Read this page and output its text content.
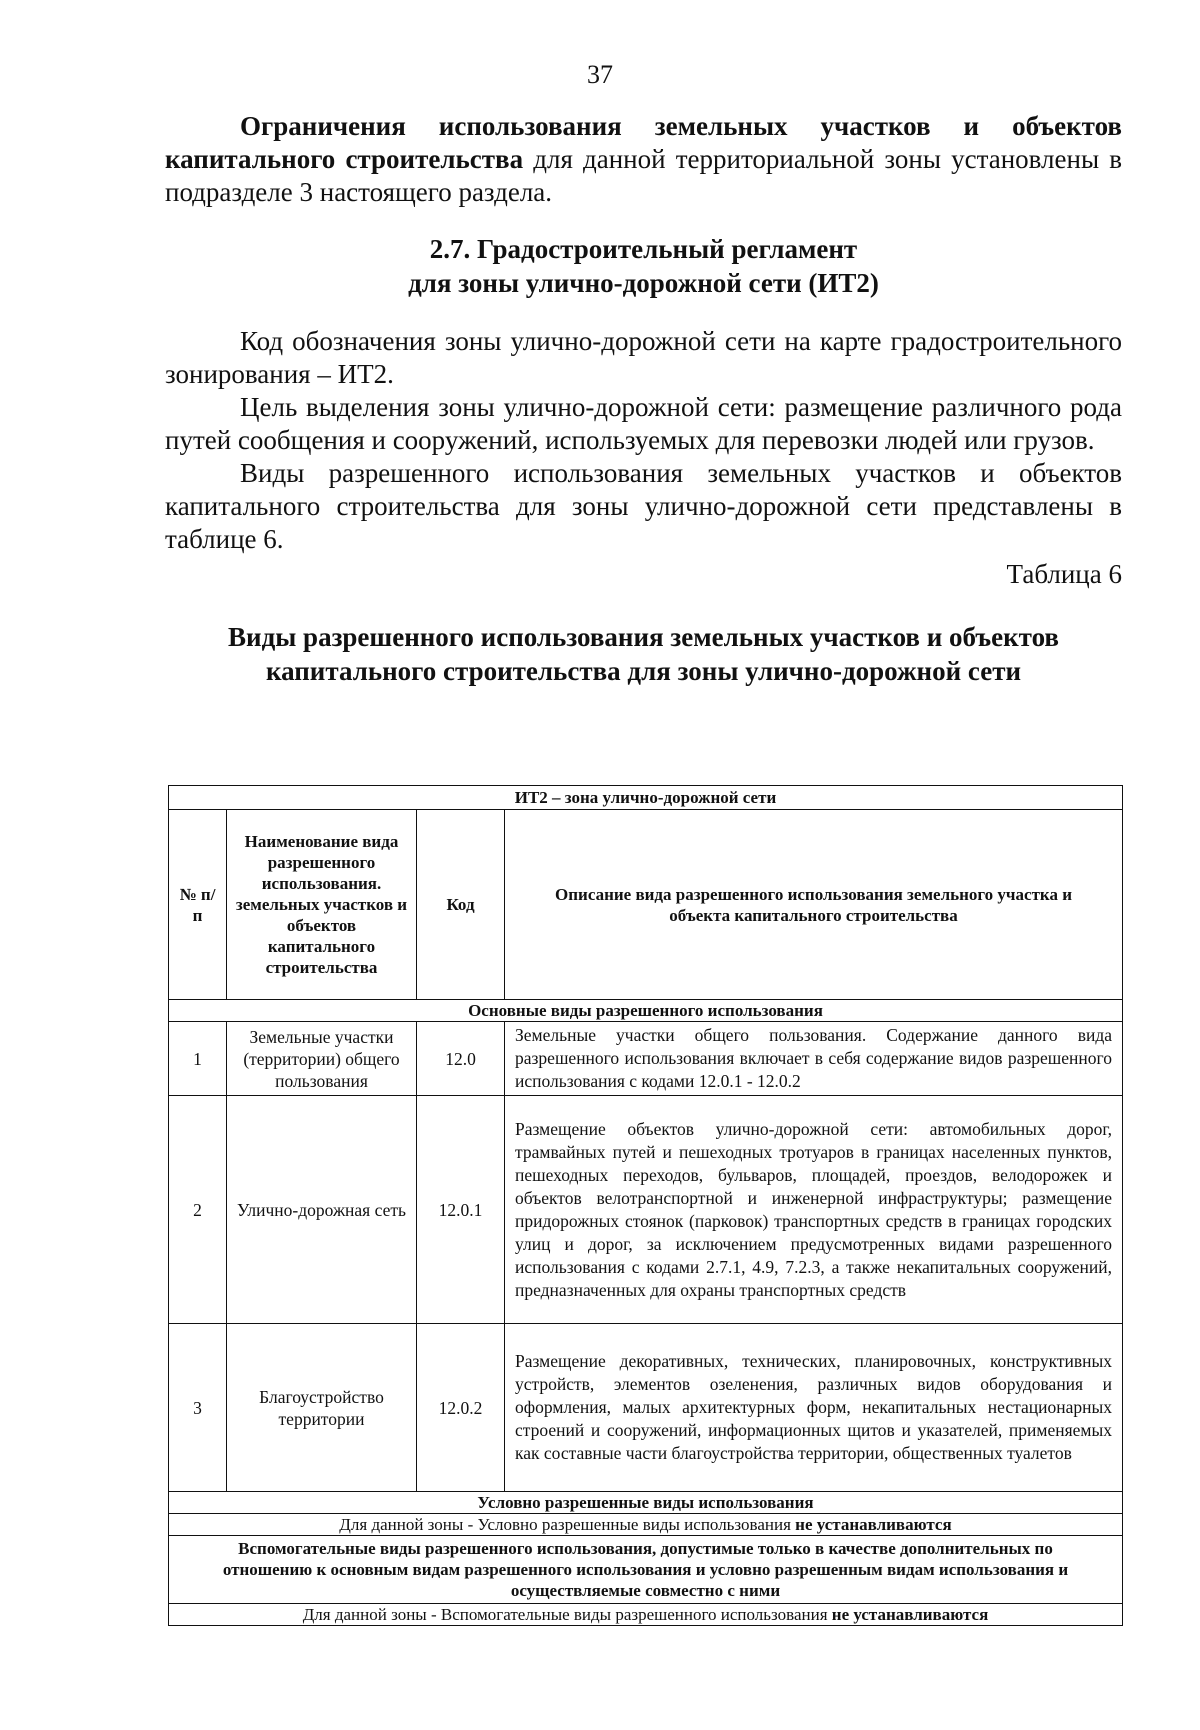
37

Ограничения использования земельных участков и объектов капитального строительства для данной территориальной зоны установлены в подразделе 3 настоящего раздела.

2.7. Градостроительный регламент

для зоны улично-дорожной сети (ИТ2)

Код обозначения зоны улично-дорожной сети на карте градостроительного зонирования – ИТ2.

Цель выделения зоны улично-дорожной сети: размещение различного рода путей сообщения и сооружений, используемых для перевозки людей или грузов.

Виды разрешенного использования земельных участков и объектов капитального строительства для зоны улично-дорожной сети представлены в таблице 6.

Таблица 6

Виды разрешенного использования земельных участков и объектов

капитального строительства для зоны улично-дорожной сети

ИТ2 – зона улично-дорожной сети			
№ п/п	Наименование вида разрешенного использования. земельных участков и объектов капитального строительства	Код	Описание вида разрешенного использования земельного участка и объекта капитального строительства
Основные виды разрешенного использования			
1	Земельные участки (территории) общего пользования	12.0	Земельные участки общего пользования. Содержание данного вида разрешенного использования включает в себя содержание видов разрешенного использования с кодами 12.0.1 - 12.0.2
2	Улично-дорожная сеть	12.0.1	Размещение объектов улично-дорожной сети: автомобильных дорог, трамвайных путей и пешеходных тротуаров в границах населенных пунктов, пешеходных переходов, бульваров, площадей, проездов, велодорожек и объектов велотранспортной и инженерной инфраструктуры; размещение придорожных стоянок (парковок) транспортных средств в границах городских улиц и дорог, за исключением предусмотренных видами разрешенного использования с кодами 2.7.1, 4.9, 7.2.3, а также некапитальных сооружений, предназначенных для охраны транспортных средств
3	Благоустройство территории	12.0.2	Размещение декоративных, технических, планировочных, конструктивных устройств, элементов озеленения, различных видов оборудования и оформления, малых архитектурных форм, некапитальных нестационарных строений и сооружений, информационных щитов и указателей, применяемых как составные части благоустройства территории, общественных туалетов
Условно разрешенные виды использования			
Для данной зоны - Условно разрешенные виды использования не устанавливаются			
Вспомогательные виды разрешенного использования, допустимые только в качестве дополнительных по отношению к основным видам разрешенного использования и условно разрешенным видам использования и осуществляемые совместно с ними			
Для данной зоны - Вспомогательные виды разрешенного использования не устанавливаются			
